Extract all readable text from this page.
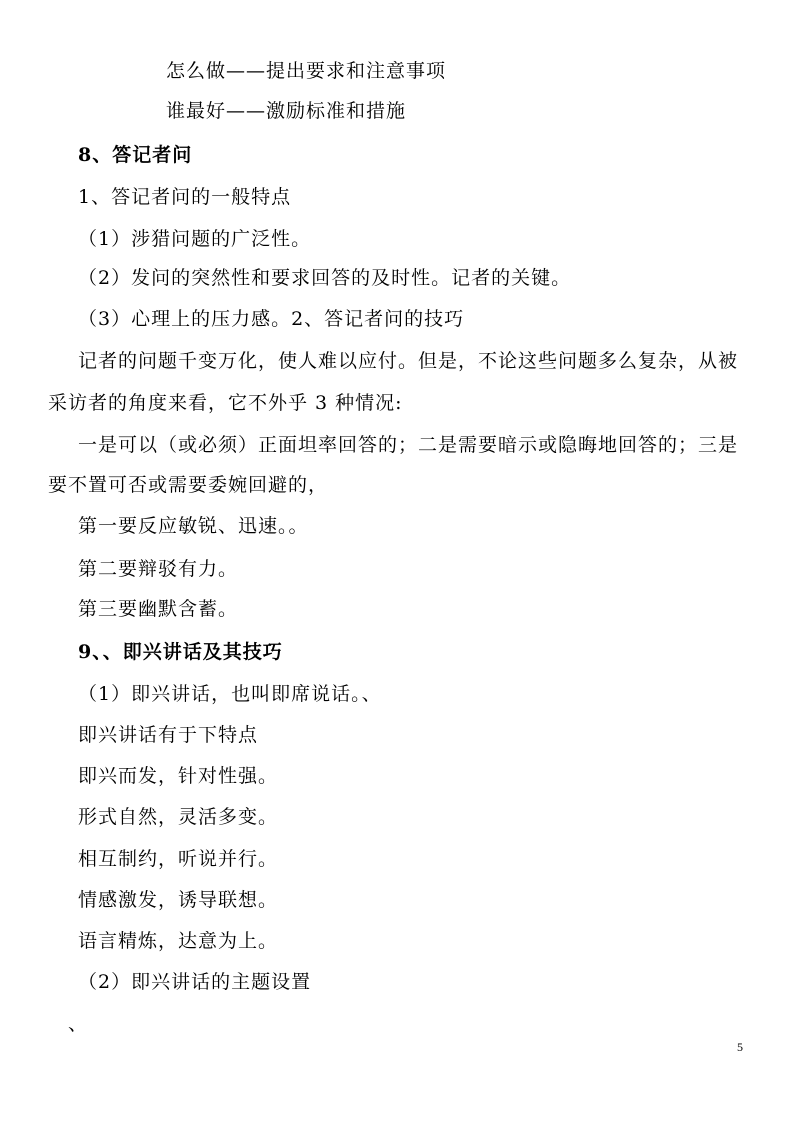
怎么做——提出要求和注意事项
谁最好——激励标准和措施
8、答记者问
1、答记者问的一般特点
（1）涉猎问题的广泛性。
（2）发问的突然性和要求回答的及时性。记者的关键。
（3）心理上的压力感。2、答记者问的技巧
记者的问题千变万化，使人难以应付。但是，不论这些问题多么复杂，从被
采访者的角度来看，它不外乎 3 种情况:
一是可以（或必须）正面坦率回答的；二是需要暗示或隐晦地回答的；三是
要不置可否或需要委婉回避的，
第一要反应敏锐、迅速。。
第二要辩驳有力。
第三要幽默含蓄。
9、、即兴讲话及其技巧
（1）即兴讲话，也叫即席说话。、
即兴讲话有于下特点
即兴而发，针对性强。
形式自然，灵活多变。
相互制约，听说并行。
情感激发，诱导联想。
语言精炼，达意为上。
（2）即兴讲话的主题设置
、
5
